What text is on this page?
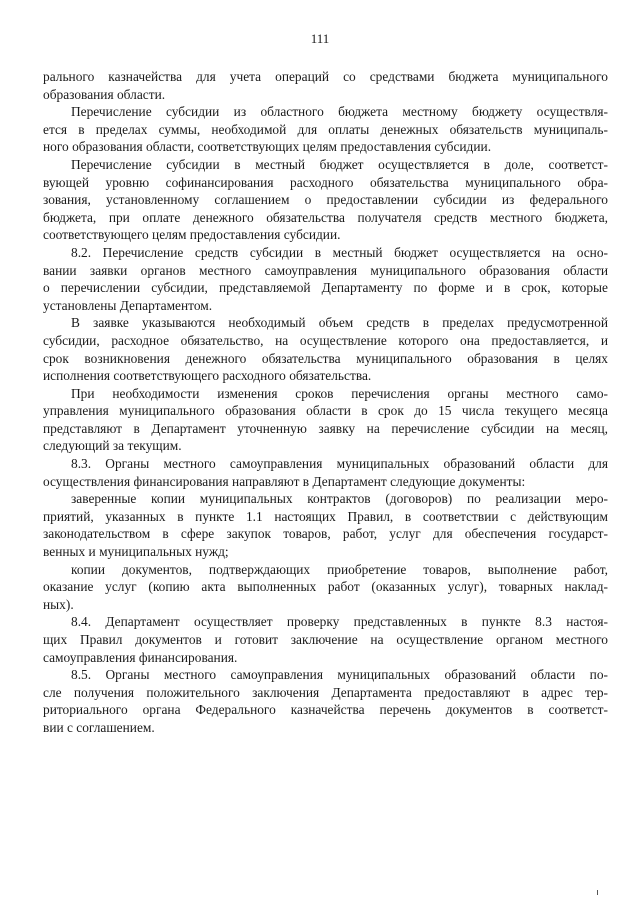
111
рального казначейства для учета операций со средствами бюджета муниципального
образования области.
Перечисление субсидии из областного бюджета местному бюджету осуществля-
ется в пределах суммы, необходимой для оплаты денежных обязательств муниципаль-
ного образования области, соответствующих целям предоставления субсидии.
Перечисление субсидии в местный бюджет осуществляется в доле, соответст-
вующей уровню софинансирования расходного обязательства муниципального обра-
зования, установленному соглашением о предоставлении субсидии из федерального
бюджета, при оплате денежного обязательства получателя средств местного бюджета,
соответствующего целям предоставления субсидии.
8.2. Перечисление средств субсидии в местный бюджет осуществляется на осно-
вании заявки органов местного самоуправления муниципального образования области
о перечислении субсидии, представляемой Департаменту по форме и в срок, которые
установлены Департаментом.
В заявке указываются необходимый объем средств в пределах предусмотренной
субсидии, расходное обязательство, на осуществление которого она предоставляется, и
срок возникновения денежного обязательства муниципального образования в целях
исполнения соответствующего расходного обязательства.
При необходимости изменения сроков перечисления органы местного само-
управления муниципального образования области в срок до 15 числа текущего месяца
представляют в Департамент уточненную заявку на перечисление субсидии на месяц,
следующий за текущим.
8.3. Органы местного самоуправления муниципальных образований области для
осуществления финансирования направляют в Департамент следующие документы:
заверенные копии муниципальных контрактов (договоров) по реализации меро-
приятий, указанных в пункте 1.1 настоящих Правил, в соответствии с действующим
законодательством в сфере закупок товаров, работ, услуг для обеспечения государст-
венных и муниципальных нужд;
копии документов, подтверждающих приобретение товаров, выполнение работ,
оказание услуг (копию акта выполненных работ (оказанных услуг), товарных наклад-
ных).
8.4. Департамент осуществляет проверку представленных в пункте 8.3 настоя-
щих Правил документов и готовит заключение на осуществление органом местного
самоуправления финансирования.
8.5. Органы местного самоуправления муниципальных образований области по-
сле получения положительного заключения Департамента предоставляют в адрес тер-
риториального органа Федерального казначейства перечень документов в соответст-
вии с соглашением.
